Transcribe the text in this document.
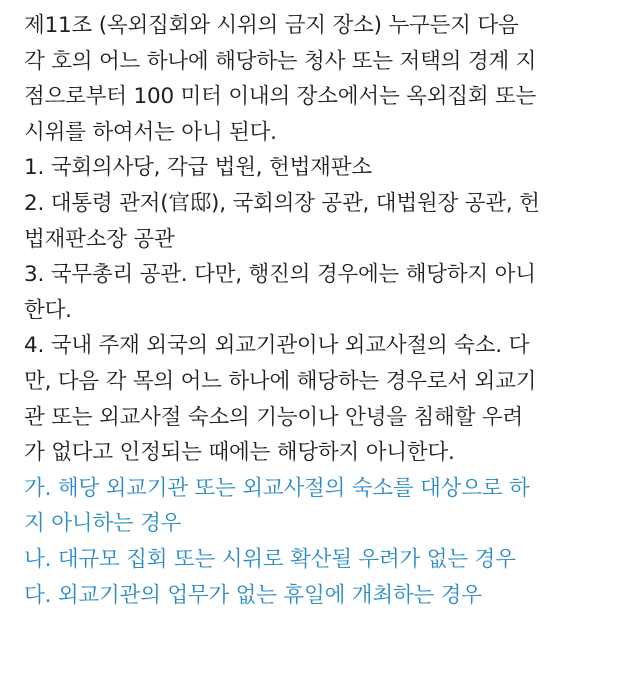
제11조 (옥외집회와 시위의 금지 장소) 누구든지 다음
각 호의 어느 하나에 해당하는 청사 또는 저택의 경계 지
점으로부터 100 미터 이내의 장소에서는 옥외집회 또는
시위를 하여서는 아니 된다.
1. 국회의사당, 각급 법원, 헌법재판소
2. 대통령 관저(官邸), 국회의장 공관, 대법원장 공관, 헌
법재판소장 공관
3. 국무총리 공관. 다만, 행진의 경우에는 해당하지 아니
한다.
4. 국내 주재 외국의 외교기관이나 외교사절의 숙소. 다
만, 다음 각 목의 어느 하나에 해당하는 경우로서 외교기
관 또는 외교사절 숙소의 기능이나 안녕을 침해할 우려
가 없다고 인정되는 때에는 해당하지 아니한다.
가. 해당 외교기관 또는 외교사절의 숙소를 대상으로 하
지 아니하는 경우
나. 대규모 집회 또는 시위로 확산될 우려가 없는 경우
다. 외교기관의 업무가 없는 휴일에 개최하는 경우
